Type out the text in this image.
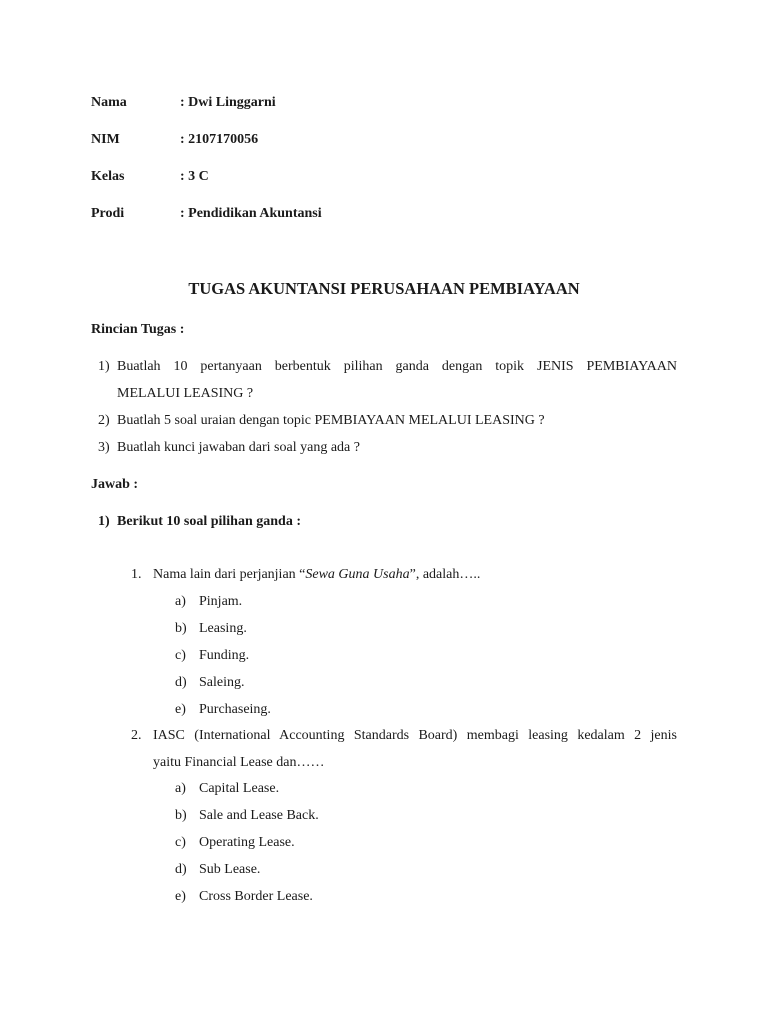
Nama	: Dwi Linggarni
NIM	: 2107170056
Kelas	: 3 C
Prodi	: Pendidikan Akuntansi
TUGAS AKUNTANSI PERUSAHAAN PEMBIAYAAN
Rincian Tugas :
1) Buatlah 10 pertanyaan berbentuk pilihan ganda dengan topik JENIS PEMBIAYAAN
MELALUI LEASING ?
2) Buatlah 5 soal uraian dengan topic PEMBIAYAAN MELALUI LEASING ?
3) Buatlah kunci jawaban dari soal yang ada ?
Jawab :
1) Berikut 10 soal pilihan ganda :
1. Nama lain dari perjanjian “Sewa Guna Usaha”, adalah…..
a) Pinjam.
b) Leasing.
c) Funding.
d) Saleing.
e) Purchaseing.
2. IASC (International Accounting Standards Board) membagi leasing kedalam 2 jenis
yaitu Financial Lease dan……
a) Capital Lease.
b) Sale and Lease Back.
c) Operating Lease.
d) Sub Lease.
e) Cross Border Lease.
